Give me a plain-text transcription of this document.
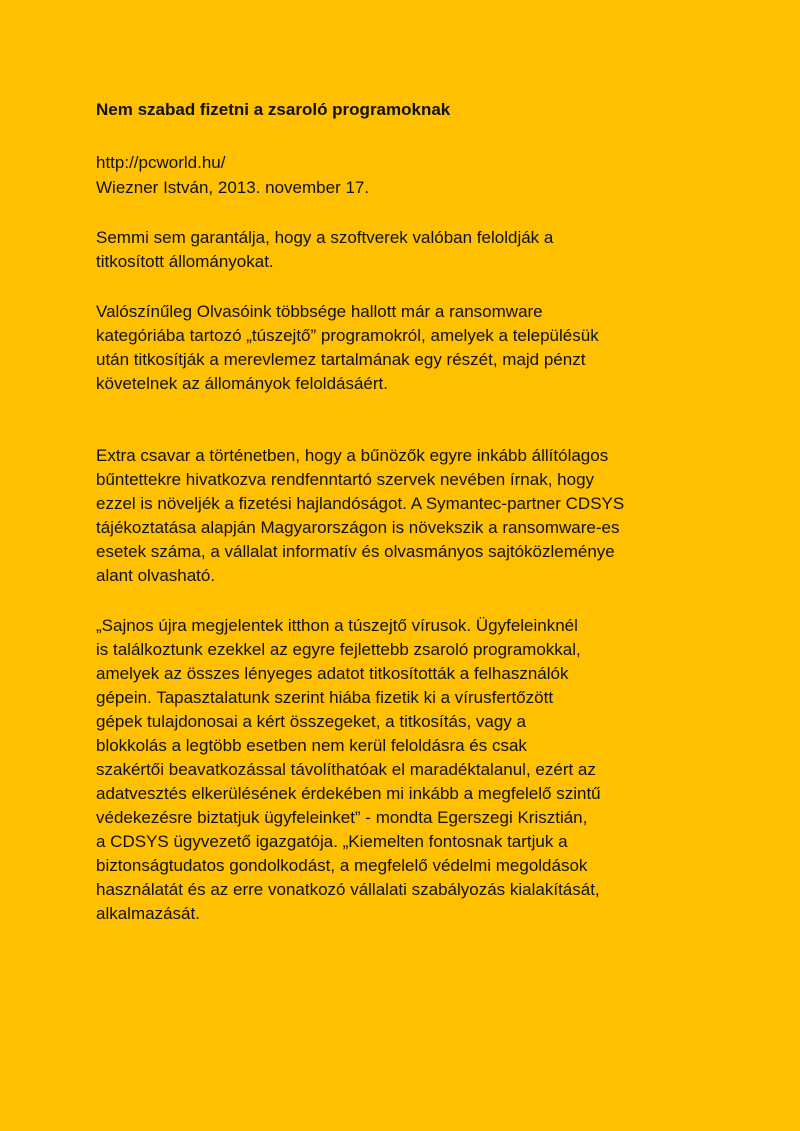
Nem szabad fizetni a zsaroló programoknak

http://pcworld.hu/

Wiezner István, 2013. november 17.

Semmi sem garantálja, hogy a szoftverek valóban feloldják a

titkosított állományokat.

Valószínűleg Olvasóink többsége hallott már a ransomware

kategóriába tartozó „túszejtő” programokról, amelyek a településük

után titkosítják a merevlemez tartalmának egy részét, majd pénzt

követelnek az állományok feloldásáért.

Extra csavar a történetben, hogy a bűnözők egyre inkább állítólagos

bűntettekre hivatkozva rendfenntartó szervek nevében írnak, hogy

ezzel is növeljék a fizetési hajlandóságot. A Symantec-partner CDSYS

tájékoztatása alapján Magyarországon is növekszik a ransomware-es

esetek száma, a vállalat informatív és olvasmányos sajtóközleménye

alant olvasható.

„Sajnos újra megjelentek itthon a túszejtő vírusok. Ügyfeleinknél

is találkoztunk ezekkel az egyre fejlettebb zsaroló programokkal,

amelyek az összes lényeges adatot titkosították a felhasználók

gépein. Tapasztalatunk szerint hiába fizetik ki a vírusfertőzött

gépek tulajdonosai a kért összegeket, a titkosítás, vagy a

blokkolás a legtöbb esetben nem kerül feloldásra és csak

szakértői beavatkozással távolíthatóak el maradéktalanul, ezért az

adatvesztés elkerülésének érdekében mi inkább a megfelelő szintű

védekezésre biztatjuk ügyfeleinket” - mondta Egerszegi Krisztián,

a CDSYS ügyvezető igazgatója. „Kiemelten fontosnak tartjuk a

biztonságtudatos gondolkodást, a megfelelő védelmi megoldások

használatát és az erre vonatkozó vállalati szabályozás kialakítását,

alkalmazását.
